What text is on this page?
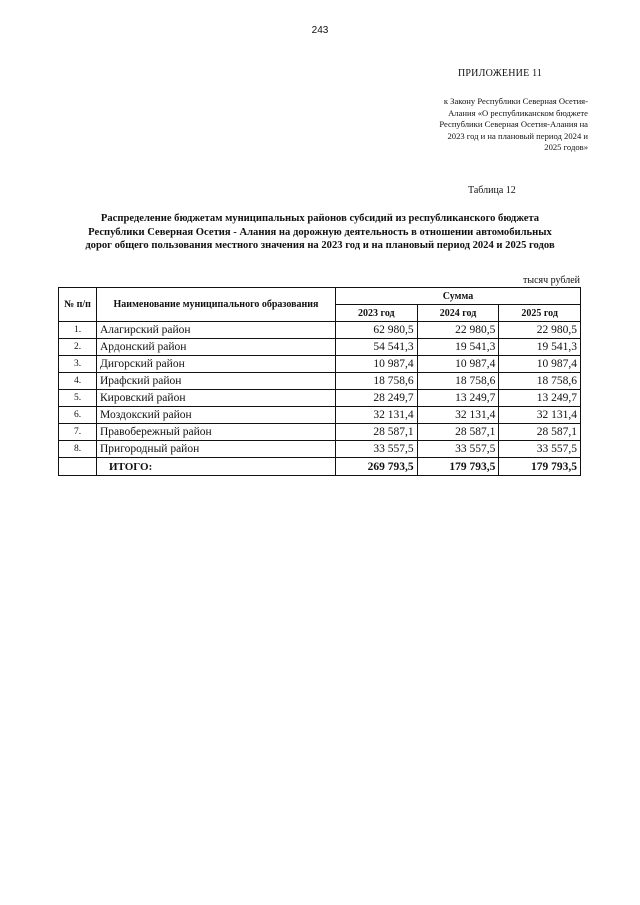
243
ПРИЛОЖЕНИЕ 11
к Закону Республики Северная Осетия-
Алания «О республиканском бюджете
Республики Северная Осетия-Алания на
2023 год и на плановый период 2024 и
2025 годов»
Таблица 12
Распределение бюджетам муниципальных районов субсидий из республиканского бюджета
Республики Северная Осетия - Алания на дорожную деятельность в отношении автомобильных
дорог общего пользования местного значения на 2023 год и на плановый период 2024 и 2025 годов
тысяч рублей
№ п/п	Наименование муниципального образования	Сумма		
		2023 год	2024 год	2025 год
1.	Алагирский район	62 980,5	22 980,5	22 980,5
2.	Ардонский район	54 541,3	19 541,3	19 541,3
3.	Дигорский район	10 987,4	10 987,4	10 987,4
4.	Ирафский район	18 758,6	18 758,6	18 758,6
5.	Кировский район	28 249,7	13 249,7	13 249,7
6.	Моздокский район	32 131,4	32 131,4	32 131,4
7.	Правобережный район	28 587,1	28 587,1	28 587,1
8.	Пригородный район	33 557,5	33 557,5	33 557,5
	ИТОГО:	269 793,5	179 793,5	179 793,5
